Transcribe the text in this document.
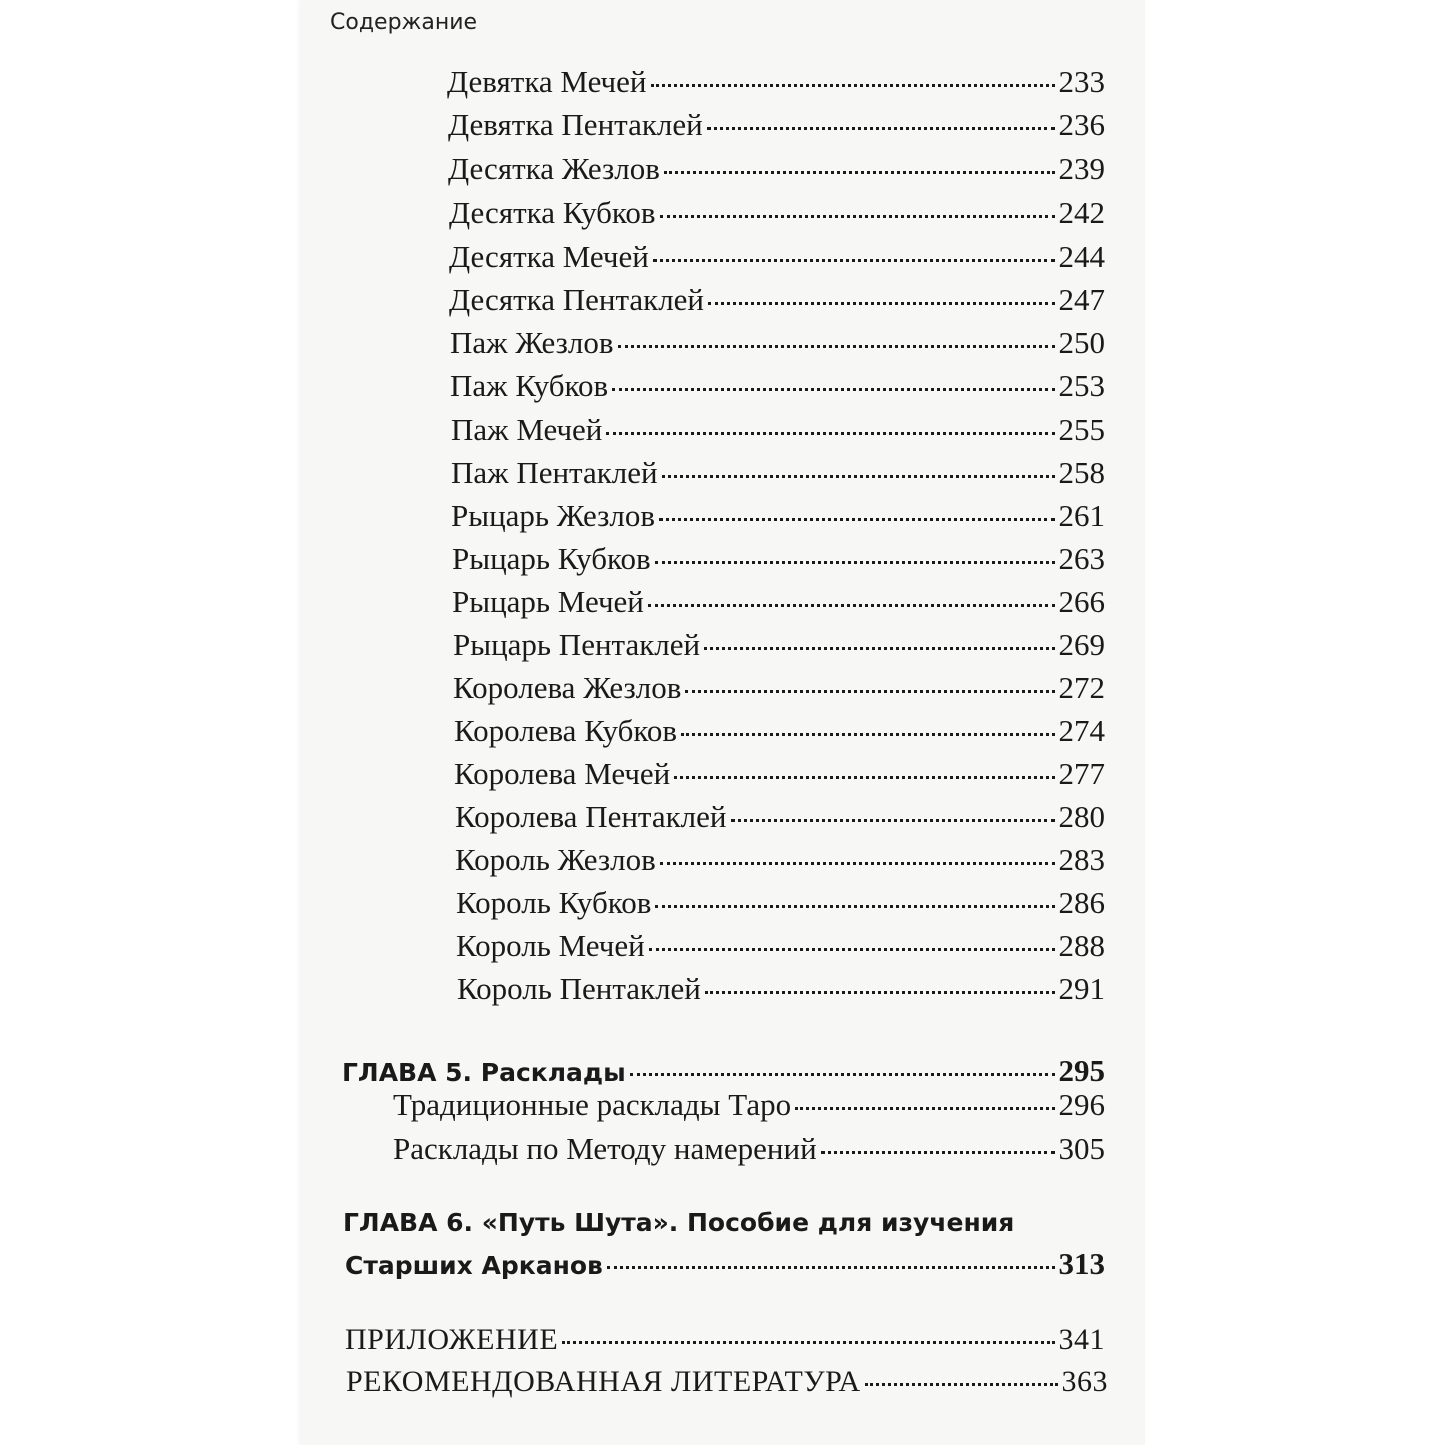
Содержание
Девятка Мечей	233
Девятка Пентаклей	236
Десятка Жезлов	239
Десятка Кубков	242
Десятка Мечей	244
Десятка Пентаклей	247
Паж Жезлов	250
Паж Кубков	253
Паж Мечей	255
Паж Пентаклей	258
Рыцарь Жезлов	261
Рыцарь Кубков	263
Рыцарь Мечей	266
Рыцарь Пентаклей	269
Королева Жезлов	272
Королева Кубков	274
Королева Мечей	277
Королева Пентаклей	280
Король Жезлов	283
Король Кубков	286
Король Мечей	288
Король Пентаклей	291
ГЛАВА 5. Расклады	295
Традиционные расклады Таро	296
Расклады по Методу намерений	305
ГЛАВА 6. «Путь Шута». Пособие для изучения
Старших Арканов	313
ПРИЛОЖЕНИЕ	341
РЕКОМЕНДОВАННАЯ ЛИТЕРАТУРА	363
